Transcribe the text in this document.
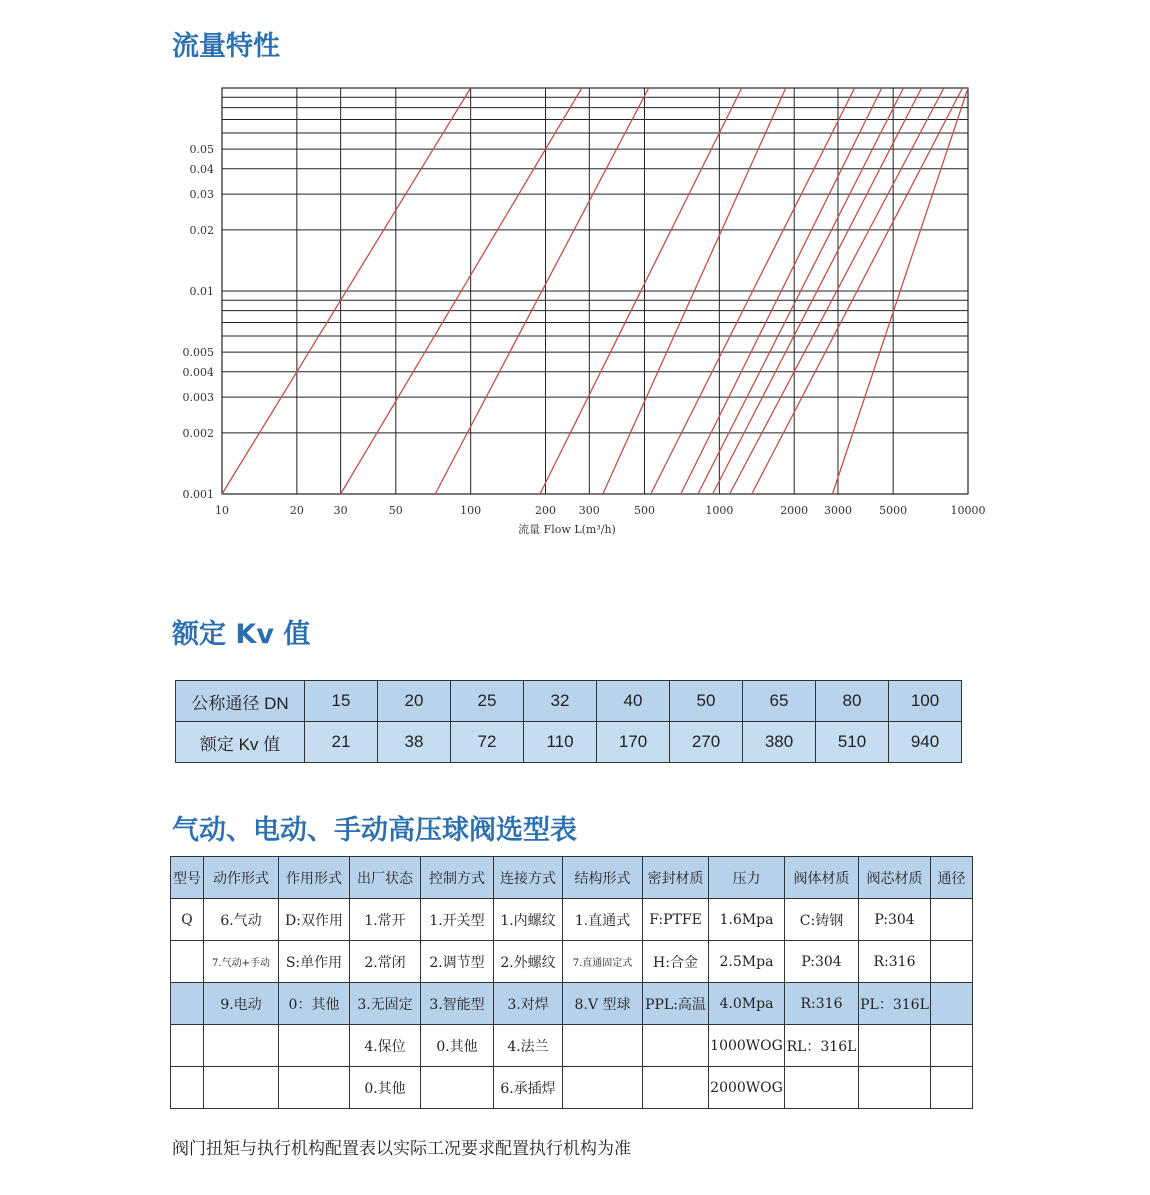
流量特性
10	20	30	50	100	200 300	500	1000	2000 3000 5000	10000
0.05
0.04
0.03
0.02
0.01
0.005
0.004
0.003
0.002
0.001
流量 Flow L(m³/h)
额定 Kv 值
公称通径 DN	15	20	25	32	40	50	65	80	100
额定 Kv 值	21	38	72	110	170	270	380	510	940
气动、电动、手动高压球阀选型表
型号	动作形式	作用形式	出厂状态	控制方式	连接方式	结构形式	密封材质	压力	阀体材质	阀芯材质	通径
Q	6.气动	D:双作用	1.常开	1.开关型	1.内螺纹	1.直通式	F:PTFE	1.6Mpa	C:铸钢	P:304	
	7.气动+手动	S:单作用	2.常闭	2.调节型	2.外螺纹	7.直通固定式	H:合金	2.5Mpa	P:304	R:316	
	9.电动	0：其他	3.无固定	3.智能型	3.对焊	8.V 型球	PPL:高温	4.0Mpa	R:316	PL：316L	
			4.保位	0.其他	4.法兰			1000WOG	RL：316L		
			0.其他		6.承插焊			2000WOG			

阀门扭矩与执行机构配置表以实际工况要求配置执行机构为准
